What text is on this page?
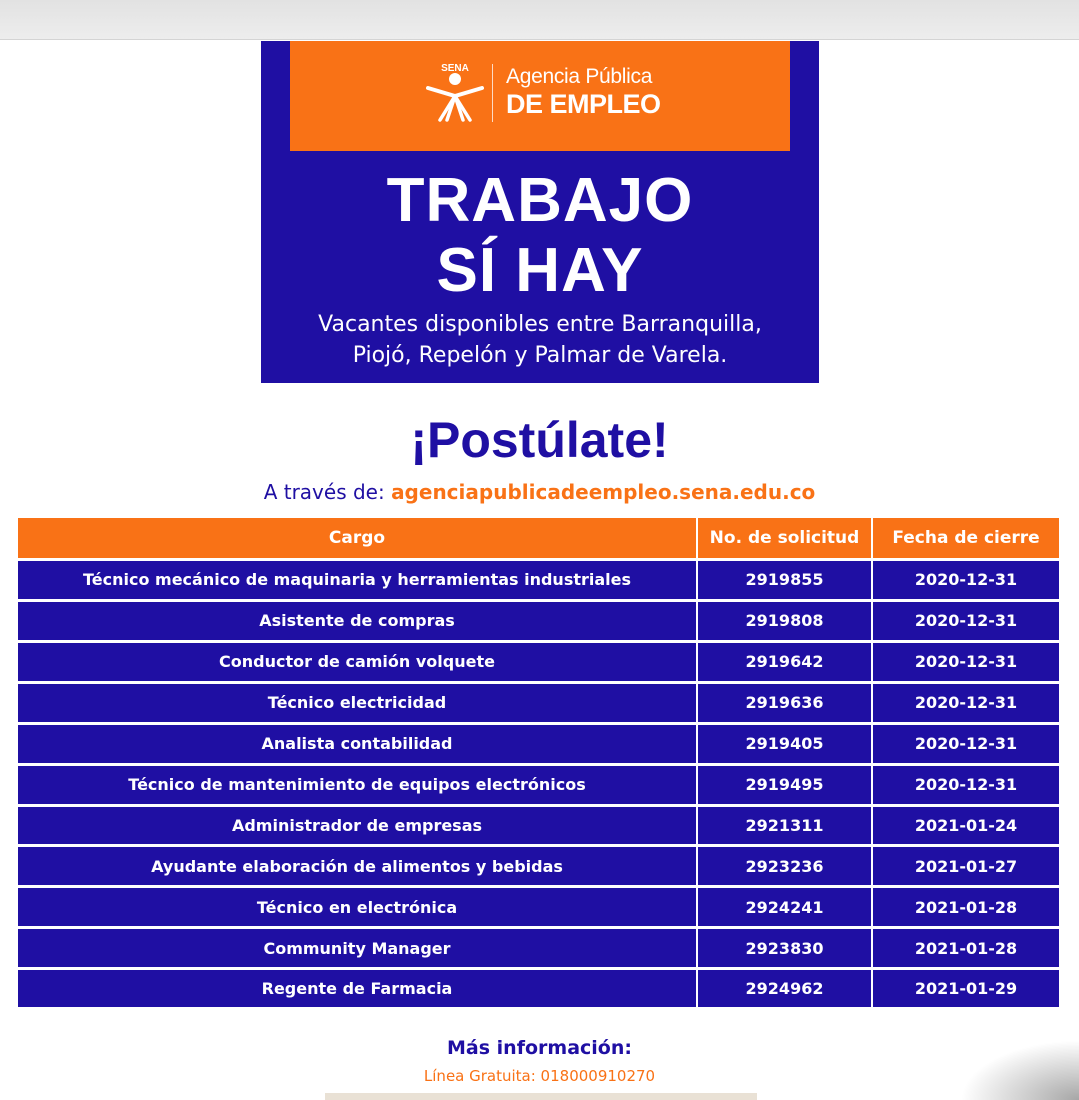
SENA Agencia Pública
DE EMPLEO
TRABAJO
SÍ HAY
Vacantes disponibles entre Barranquilla,
Piojó, Repelón y Palmar de Varela.
¡Postúlate!
A través de: agenciapublicadeempleo.sena.edu.co
Cargo	No. de solicitud	Fecha de cierre
Técnico mecánico de maquinaria y herramientas industriales	2919855	2020-12-31
Asistente de compras	2919808	2020-12-31
Conductor de camión volquete	2919642	2020-12-31
Técnico electricidad	2919636	2020-12-31
Analista contabilidad	2919405	2020-12-31
Técnico de mantenimiento de equipos electrónicos	2919495	2020-12-31
Administrador de empresas	2921311	2021-01-24
Ayudante elaboración de alimentos y bebidas	2923236	2021-01-27
Técnico en electrónica	2924241	2021-01-28
Community Manager	2923830	2021-01-28
Regente de Farmacia	2924962	2021-01-29
Más información:
Línea Gratuita: 018000910270
